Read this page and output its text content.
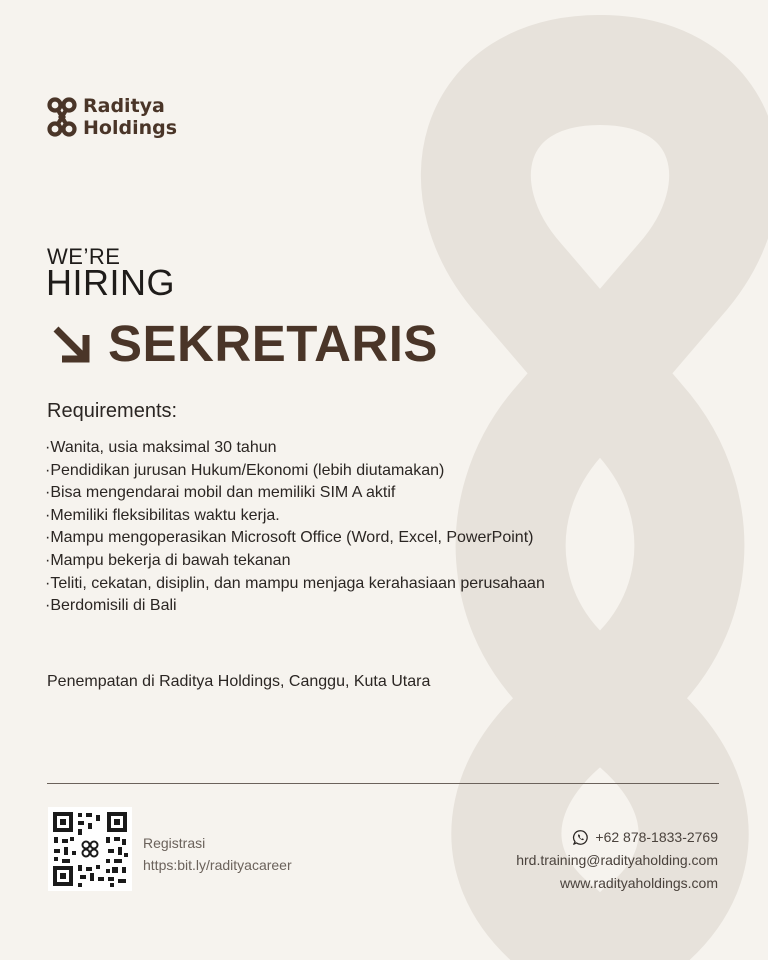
Raditya
Holdings
WE’RE
HIRING
SEKRETARIS
Requirements:
·Wanita, usia maksimal 30 tahun
·Pendidikan jurusan Hukum/Ekonomi (lebih diutamakan)
·Bisa mengendarai mobil dan memiliki SIM A aktif
·Memiliki fleksibilitas waktu kerja.
·Mampu mengoperasikan Microsoft Office (Word, Excel, PowerPoint)
·Mampu bekerja di bawah tekanan
·Teliti, cekatan, disiplin, dan mampu menjaga kerahasiaan perusahaan
·Berdomisili di Bali
Penempatan di Raditya Holdings, Canggu, Kuta Utara
Registrasi
https:bit.ly/radityacareer
+62 878-1833-2769
hrd.training@radityaholding.com
www.radityaholdings.com
